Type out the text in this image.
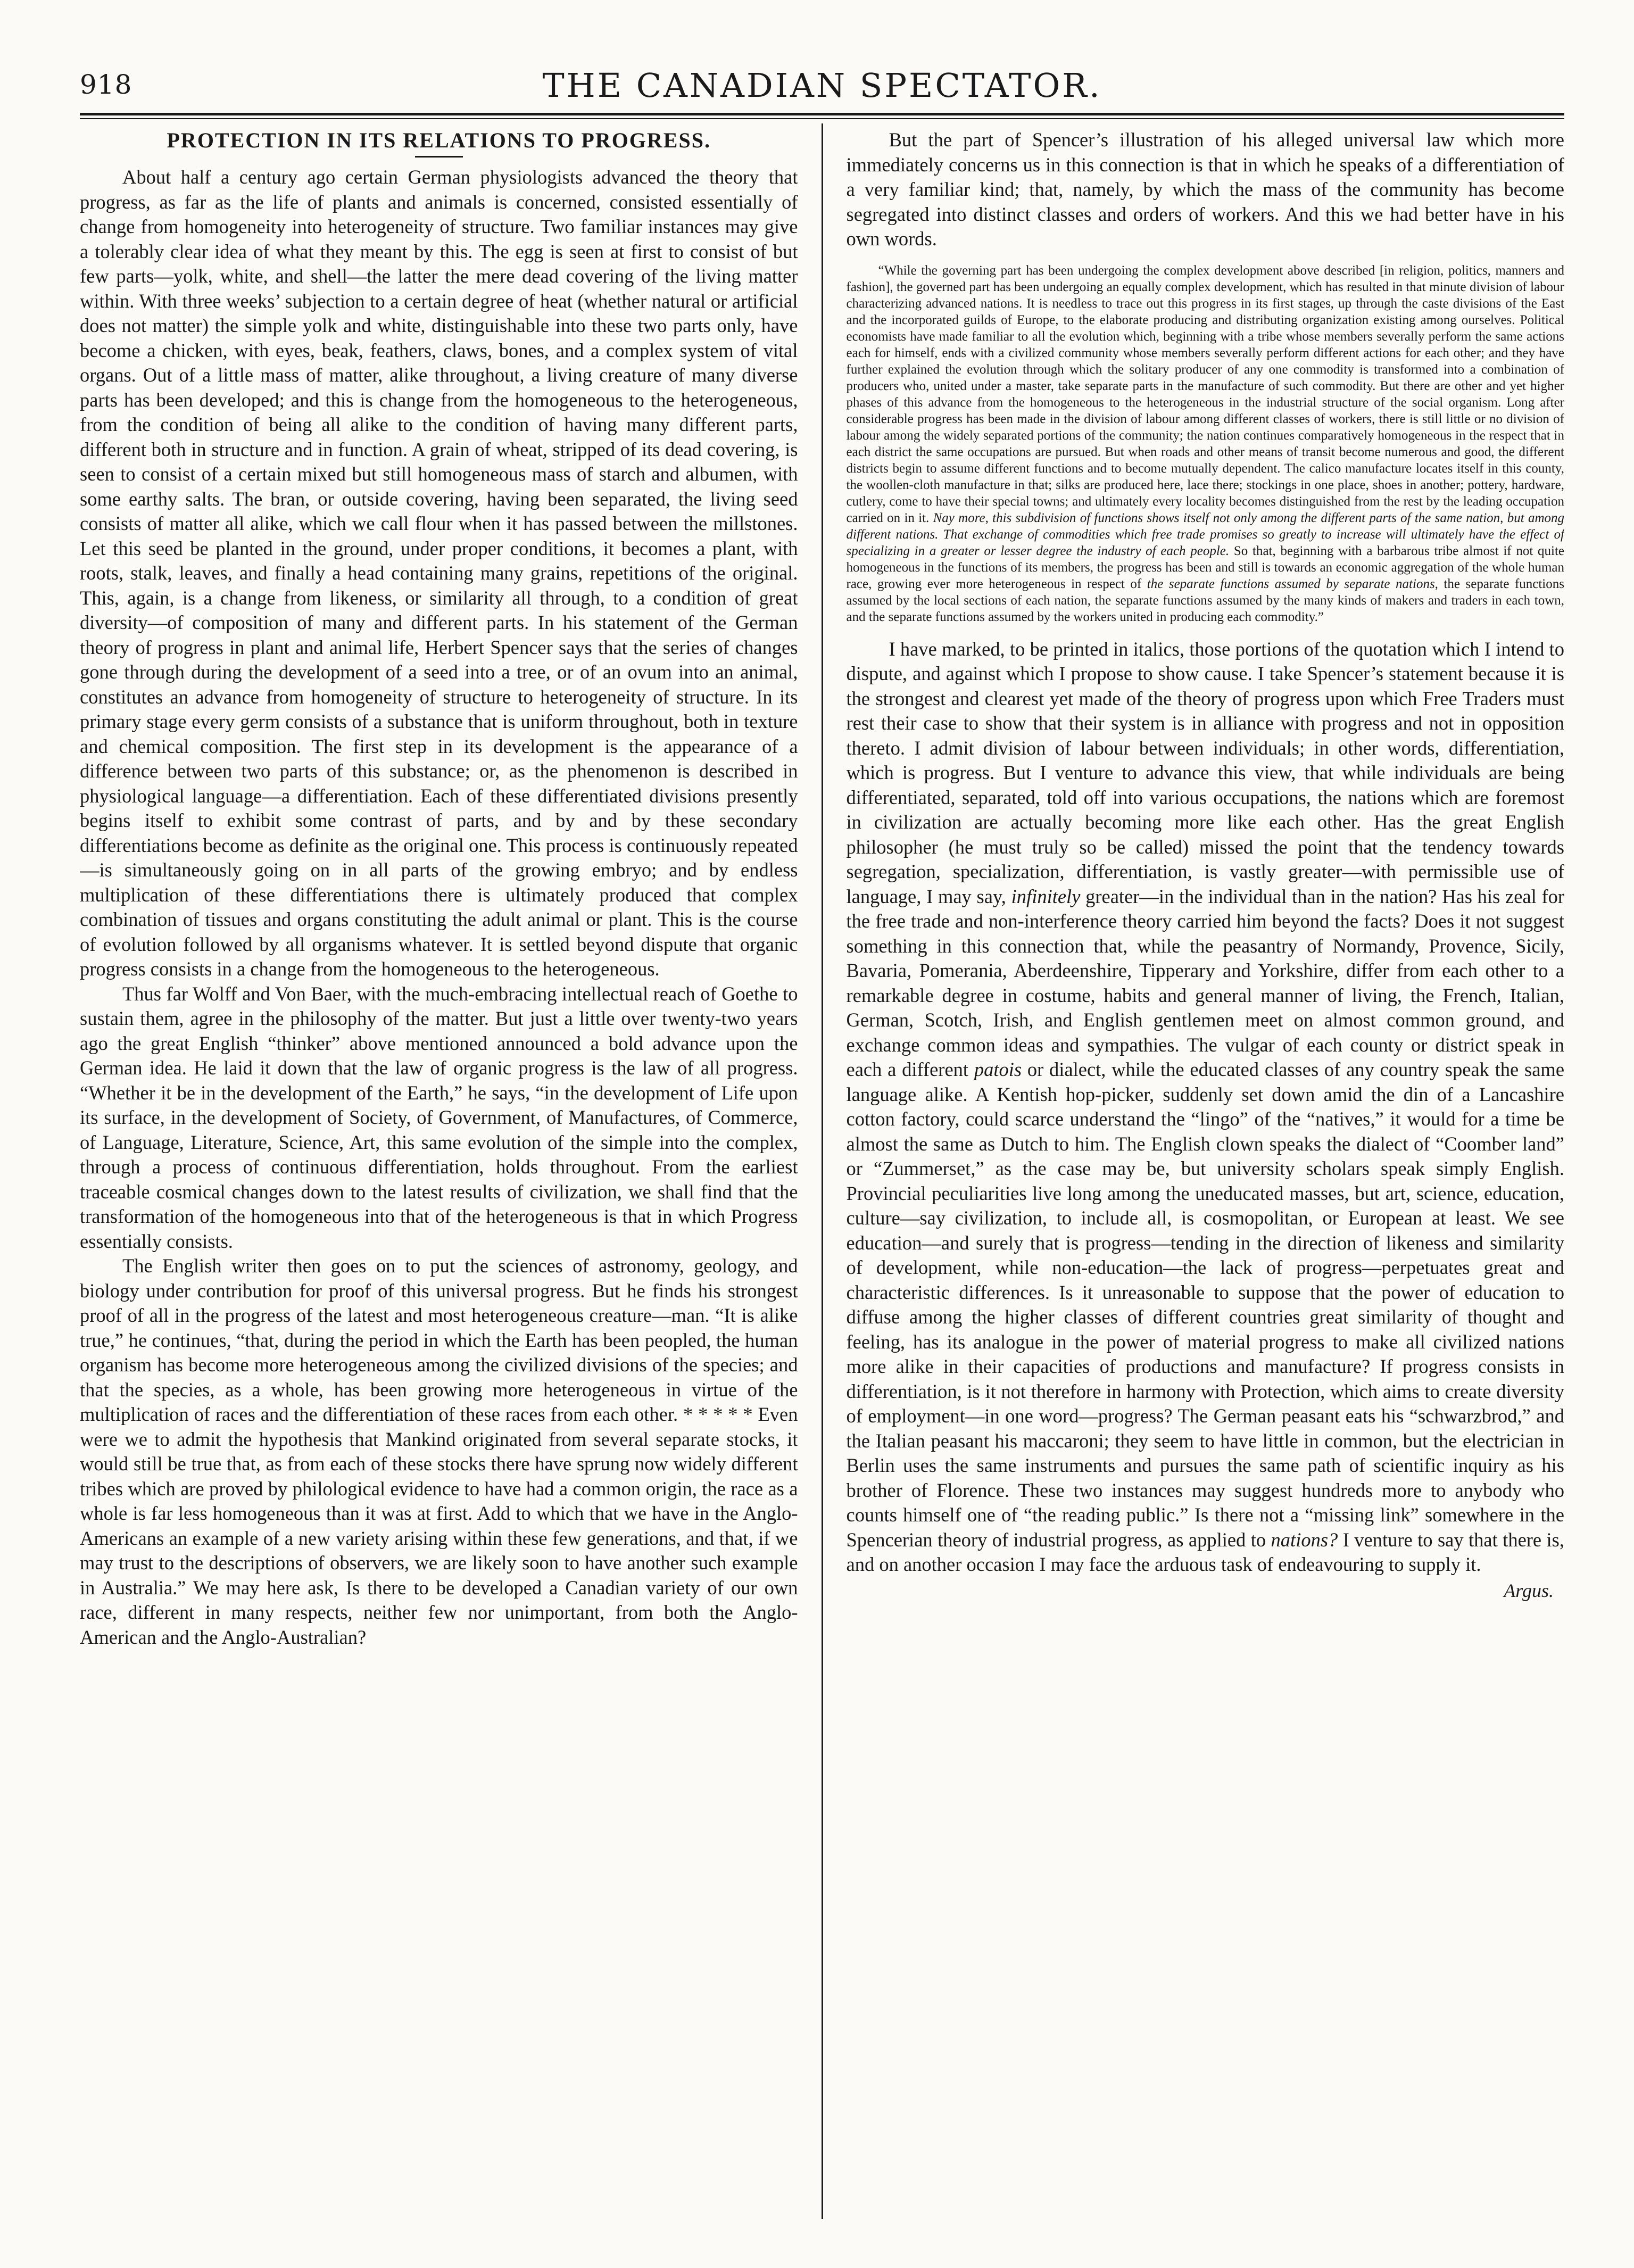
918	THE CANADIAN SPECTATOR.
PROTECTION IN ITS RELATIONS TO PROGRESS.

About half a century ago certain German physiologists advanced the theory that progress, as far as the life of plants and animals is concerned, consisted essentially of change from homogeneity into heterogeneity of structure. Two familiar instances may give a tolerably clear idea of what they meant by this. The egg is seen at first to consist of but few parts—yolk, white, and shell—the latter the mere dead covering of the living matter within. With three weeks’ subjection to a certain degree of heat (whether natural or artificial does not matter) the simple yolk and white, distinguishable into these two parts only, have become a chicken, with eyes, beak, feathers, claws, bones, and a complex system of vital organs. Out of a little mass of matter, alike throughout, a living creature of many diverse parts has been developed; and this is change from the homogeneous to the heterogeneous, from the condition of being all alike to the condition of having many different parts, different both in structure and in function. A grain of wheat, stripped of its dead covering, is seen to consist of a certain mixed but still homogeneous mass of starch and albumen, with some earthy salts. The bran, or outside covering, having been separated, the living seed consists of matter all alike, which we call flour when it has passed between the millstones. Let this seed be planted in the ground, under proper conditions, it becomes a plant, with roots, stalk, leaves, and finally a head containing many grains, repetitions of the original. This, again, is a change from likeness, or similarity all through, to a condition of great diversity—of composition of many and different parts. In his statement of the German theory of progress in plant and animal life, Herbert Spencer says that the series of changes gone through during the development of a seed into a tree, or of an ovum into an animal, constitutes an advance from homogeneity of structure to heterogeneity of structure. In its primary stage every germ consists of a substance that is uniform throughout, both in texture and chemical composition. The first step in its development is the appearance of a difference between two parts of this substance; or, as the phenomenon is described in physiological language—a differentiation. Each of these differentiated divisions presently begins itself to exhibit some contrast of parts, and by and by these secondary differentiations become as definite as the original one. This process is continuously repeated—is simultaneously going on in all parts of the growing embryo; and by endless multiplication of these differentiations there is ultimately produced that complex combination of tissues and organs constituting the adult animal or plant. This is the course of evolution followed by all organisms whatever. It is settled beyond dispute that organic progress consists in a change from the homogeneous to the heterogeneous.

Thus far Wolff and Von Baer, with the much-embracing intellectual reach of Goethe to sustain them, agree in the philosophy of the matter. But just a little over twenty-two years ago the great English “thinker” above mentioned announced a bold advance upon the German idea. He laid it down that the law of organic progress is the law of all progress. “Whether it be in the development of the Earth,” he says, “in the development of Life upon its surface, in the development of Society, of Government, of Manufactures, of Commerce, of Language, Literature, Science, Art, this same evolution of the simple into the complex, through a process of continuous differentiation, holds throughout. From the earliest traceable cosmical changes down to the latest results of civilization, we shall find that the transformation of the homogeneous into that of the heterogeneous is that in which Progress essentially consists.

The English writer then goes on to put the sciences of astronomy, geology, and biology under contribution for proof of this universal progress. But he finds his strongest proof of all in the progress of the latest and most heterogeneous creature—man. “It is alike true,” he continues, “that, during the period in which the Earth has been peopled, the human organism has become more heterogeneous among the civilized divisions of the species; and that the species, as a whole, has been growing more heterogeneous in virtue of the multiplication of races and the differentiation of these races from each other. * * * * * Even were we to admit the hypothesis that Mankind originated from several separate stocks, it would still be true that, as from each of these stocks there have sprung now widely different tribes which are proved by philological evidence to have had a common origin, the race as a whole is far less homogeneous than it was at first. Add to which that we have in the Anglo-Americans an example of a new variety arising within these few generations, and that, if we may trust to the descriptions of observers, we are likely soon to have another such example in Australia.” We may here ask, Is there to be developed a Canadian variety of our own race, different in many respects, neither few nor unimportant, from both the Anglo-American and the Anglo-Australian?

But the part of Spencer’s illustration of his alleged universal law which more immediately concerns us in this connection is that in which he speaks of a differentiation of a very familiar kind; that, namely, by which the mass of the community has become segregated into distinct classes and orders of workers. And this we had better have in his own words.

“While the governing part has been undergoing the complex development above described [in religion, politics, manners and fashion], the governed part has been undergoing an equally complex development, which has resulted in that minute division of labour characterizing advanced nations. It is needless to trace out this progress in its first stages, up through the caste divisions of the East and the incorporated guilds of Europe, to the elaborate producing and distributing organization existing among ourselves. Political economists have made familiar to all the evolution which, beginning with a tribe whose members severally perform the same actions each for himself, ends with a civilized community whose members severally perform different actions for each other; and they have further explained the evolution through which the solitary producer of any one commodity is transformed into a combination of producers who, united under a master, take separate parts in the manufacture of such commodity. But there are other and yet higher phases of this advance from the homogeneous to the heterogeneous in the industrial structure of the social organism. Long after considerable progress has been made in the division of labour among different classes of workers, there is still little or no division of labour among the widely separated portions of the community; the nation continues comparatively homogeneous in the respect that in each district the same occupations are pursued. But when roads and other means of transit become numerous and good, the different districts begin to assume different functions and to become mutually dependent. The calico manufacture locates itself in this county, the woollen-cloth manufacture in that; silks are produced here, lace there; stockings in one place, shoes in another; pottery, hardware, cutlery, come to have their special towns; and ultimately every locality becomes distinguished from the rest by the leading occupation carried on in it. Nay more, this subdivision of functions shows itself not only among the different parts of the same nation, but among different nations. That exchange of commodities which free trade promises so greatly to increase will ultimately have the effect of specializing in a greater or lesser degree the industry of each people. So that, beginning with a barbarous tribe almost if not quite homogeneous in the functions of its members, the progress has been and still is towards an economic aggregation of the whole human race, growing ever more heterogeneous in respect of the separate functions assumed by separate nations, the separate functions assumed by the local sections of each nation, the separate functions assumed by the many kinds of makers and traders in each town, and the separate functions assumed by the workers united in producing each commodity.”

I have marked, to be printed in italics, those portions of the quotation which I intend to dispute, and against which I propose to show cause. I take Spencer’s statement because it is the strongest and clearest yet made of the theory of progress upon which Free Traders must rest their case to show that their system is in alliance with progress and not in opposition thereto. I admit division of labour between individuals; in other words, differentiation, which is progress. But I venture to advance this view, that while individuals are being differentiated, separated, told off into various occupations, the nations which are foremost in civilization are actually becoming more like each other. Has the great English philosopher (he must truly so be called) missed the point that the tendency towards segregation, specialization, differentiation, is vastly greater—with permissible use of language, I may say, infinitely greater—in the individual than in the nation? Has his zeal for the free trade and non-interference theory carried him beyond the facts? Does it not suggest something in this connection that, while the peasantry of Normandy, Provence, Sicily, Bavaria, Pomerania, Aberdeenshire, Tipperary and Yorkshire, differ from each other to a remarkable degree in costume, habits and general manner of living, the French, Italian, German, Scotch, Irish, and English gentlemen meet on almost common ground, and exchange common ideas and sympathies. The vulgar of each county or district speak in each a different patois or dialect, while the educated classes of any country speak the same language alike. A Kentish hop-picker, suddenly set down amid the din of a Lancashire cotton factory, could scarce understand the “lingo” of the “natives,” it would for a time be almost the same as Dutch to him. The English clown speaks the dialect of “Coomber land” or “Zummerset,” as the case may be, but university scholars speak simply English. Provincial peculiarities live long among the uneducated masses, but art, science, education, culture—say civilization, to include all, is cosmopolitan, or European at least. We see education—and surely that is progress—tending in the direction of likeness and similarity of development, while non-education—the lack of progress—perpetuates great and characteristic differences. Is it unreasonable to suppose that the power of education to diffuse among the higher classes of different countries great similarity of thought and feeling, has its analogue in the power of material progress to make all civilized nations more alike in their capacities of productions and manufacture? If progress consists in differentiation, is it not therefore in harmony with Protection, which aims to create diversity of employment—in one word—progress? The German peasant eats his “schwarzbrod,” and the Italian peasant his maccaroni; they seem to have little in common, but the electrician in Berlin uses the same instruments and pursues the same path of scientific inquiry as his brother of Florence. These two instances may suggest hundreds more to anybody who counts himself one of “the reading public.” Is there not a “missing link” somewhere in the Spencerian theory of industrial progress, as applied to nations? I venture to say that there is, and on another occasion I may face the arduous task of endeavouring to supply it.

Argus.
